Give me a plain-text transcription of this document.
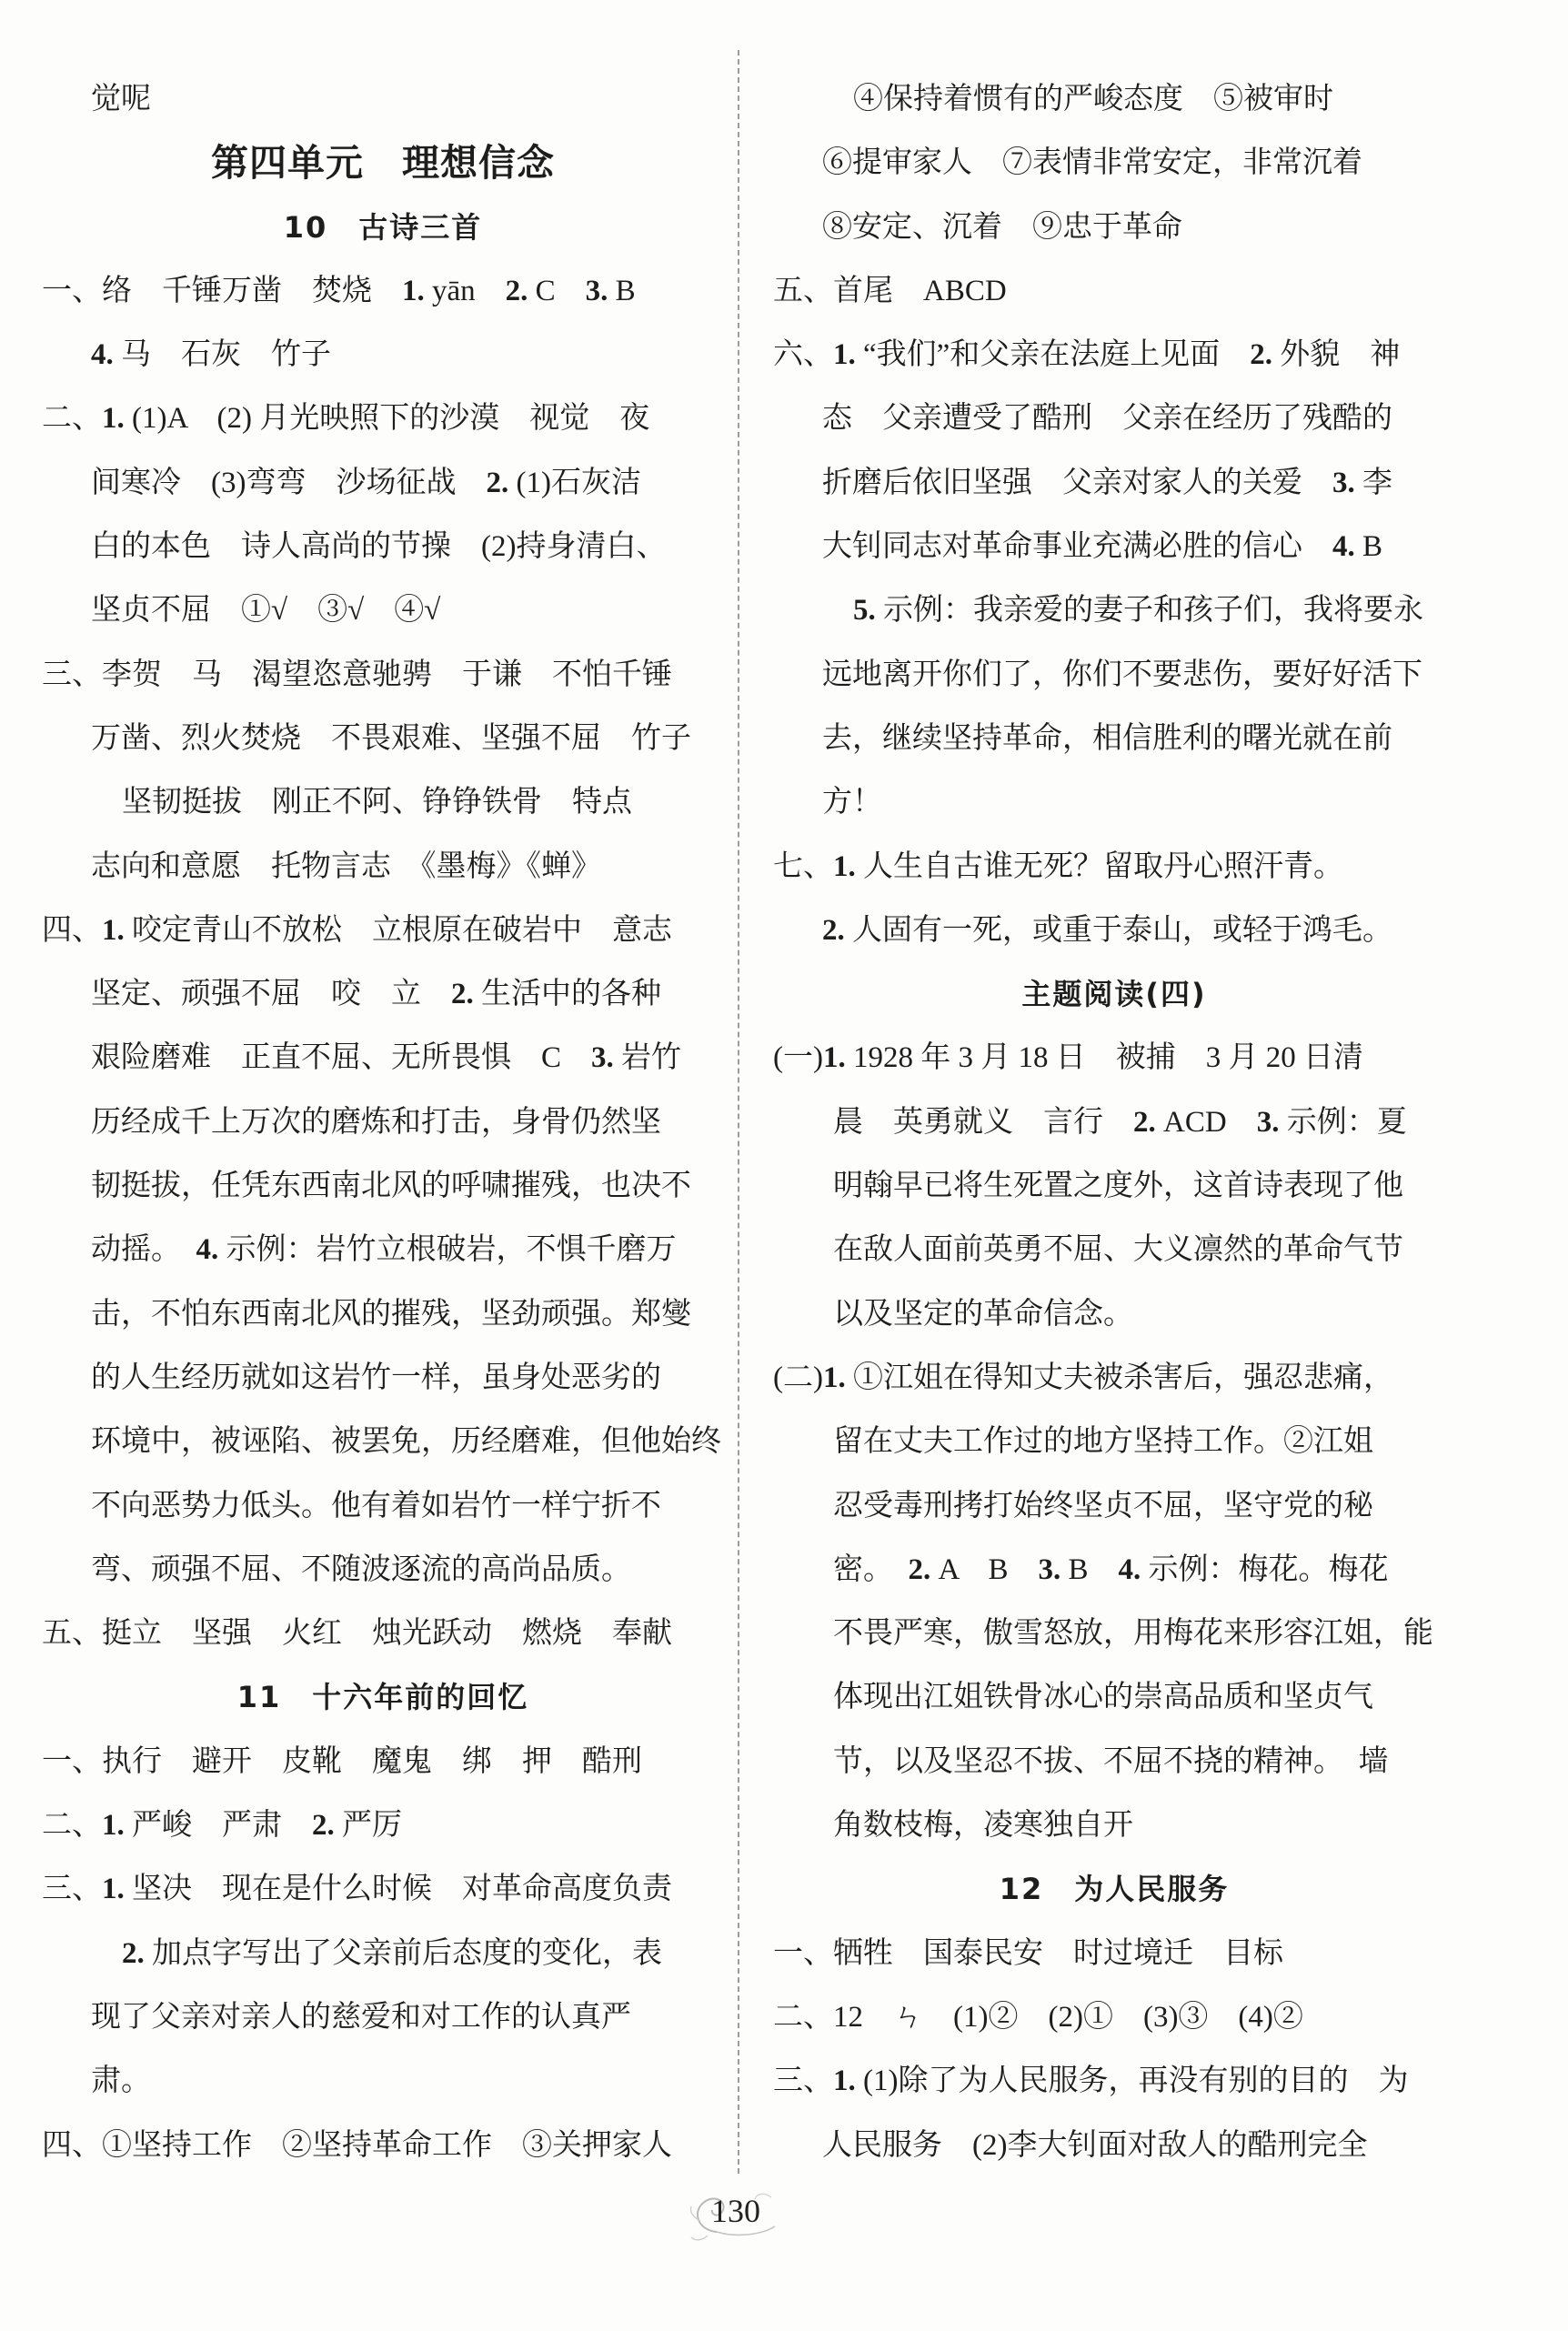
觉呢
第四单元　理想信念
10　古诗三首
一、络　千锤万凿　焚烧　1. yān　2. C　3. B
4. 马　石灰　竹子
二、1. (1)A　(2) 月光映照下的沙漠　视觉　夜
间寒冷　(3)弯弯　沙场征战　2. (1)石灰洁
白的本色　诗人高尚的节操　(2)持身清白、
坚贞不屈　①√　③√　④√
三、李贺　马　渴望恣意驰骋　于谦　不怕千锤
万凿、烈火焚烧　不畏艰难、坚强不屈　竹子
坚韧挺拔　刚正不阿、铮铮铁骨　特点
志向和意愿　托物言志　《墨梅》《蝉》
四、1. 咬定青山不放松　立根原在破岩中　意志
坚定、顽强不屈　咬　立　2. 生活中的各种
艰险磨难　正直不屈、无所畏惧　C　3. 岩竹
历经成千上万次的磨炼和打击，身骨仍然坚
韧挺拔，任凭东西南北风的呼啸摧残，也决不
动摇。　4. 示例：岩竹立根破岩，不惧千磨万
击，不怕东西南北风的摧残，坚劲顽强。郑燮
的人生经历就如这岩竹一样，虽身处恶劣的
环境中，被诬陷、被罢免，历经磨难，但他始终
不向恶势力低头。他有着如岩竹一样宁折不
弯、顽强不屈、不随波逐流的高尚品质。
五、挺立　坚强　火红　烛光跃动　燃烧　奉献
11　十六年前的回忆
一、执行　避开　皮靴　魔鬼　绑　押　酷刑
二、1. 严峻　严肃　2. 严厉
三、1. 坚决　现在是什么时候　对革命高度负责
2. 加点字写出了父亲前后态度的变化，表
现了父亲对亲人的慈爱和对工作的认真严
肃。
四、①坚持工作　②坚持革命工作　③关押家人
④保持着惯有的严峻态度　⑤被审时
⑥提审家人　⑦表情非常安定，非常沉着
⑧安定、沉着　⑨忠于革命
五、首尾　ABCD
六、1. “我们”和父亲在法庭上见面　2. 外貌　神
态　父亲遭受了酷刑　父亲在经历了残酷的
折磨后依旧坚强　父亲对家人的关爱　3. 李
大钊同志对革命事业充满必胜的信心　4. B
5. 示例：我亲爱的妻子和孩子们，我将要永
远地离开你们了，你们不要悲伤，要好好活下
去，继续坚持革命，相信胜利的曙光就在前
方！
七、1. 人生自古谁无死？留取丹心照汗青。
2. 人固有一死，或重于泰山，或轻于鸿毛。
主题阅读(四)
(一)1. 1928 年 3 月 18 日　被捕　3 月 20 日清
晨　英勇就义　言行　2. ACD　3. 示例：夏
明翰早已将生死置之度外，这首诗表现了他
在敌人面前英勇不屈、大义凛然的革命气节
以及坚定的革命信念。
(二)1. ①江姐在得知丈夫被杀害后，强忍悲痛，
留在丈夫工作过的地方坚持工作。②江姐
忍受毒刑拷打始终坚贞不屈，坚守党的秘
密。　2. A　B　3. B　4. 示例：梅花。梅花
不畏严寒，傲雪怒放，用梅花来形容江姐，能
体现出江姐铁骨冰心的崇高品质和坚贞气
节，以及坚忍不拔、不屈不挠的精神。　墙
角数枝梅，凌寒独自开
12　为人民服务
一、牺牲　国泰民安　时过境迁　目标
二、12　ㄣ　(1)②　(2)①　(3)③　(4)②
三、1. (1)除了为人民服务，再没有别的目的　为
人民服务　(2)李大钊面对敌人的酷刑完全
130
